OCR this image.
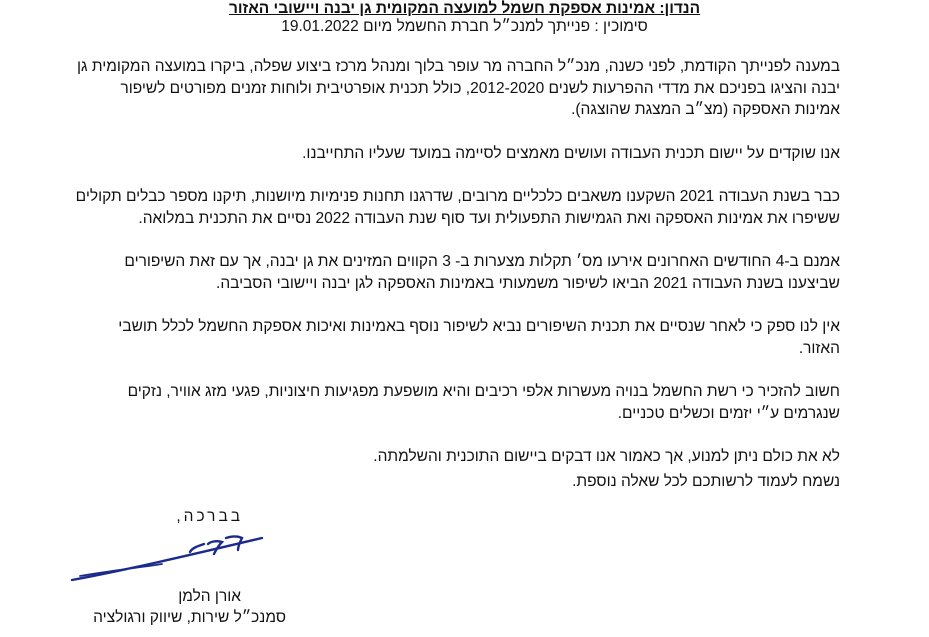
הנדון: אמינות אספקת חשמל למועצה המקומית גן יבנה ויישובי האזור
סימוכין : פנייתך למנכ״ל חברת החשמל מיום 19.01.2022

במענה לפנייתך הקודמת, לפני כשנה, מנכ״ל החברה מר עופר בלוך ומנהל מרכז ביצוע שפלה, ביקרו במועצה המקומית גן יבנה והציגו בפניכם את מדדי ההפרעות לשנים 2012-2020, כולל תכנית אופרטיבית ולוחות זמנים מפורטים לשיפור אמינות האספקה (מצ״ב המצגת שהוצגה).

אנו שוקדים על יישום תכנית העבודה ועושים מאמצים לסיימה במועד שעליו התחייבנו.

כבר בשנת העבודה 2021 השקענו משאבים כלכליים מרובים, שדרגנו תחנות פנימיות מיושנות, תיקנו מספר כבלים תקולים ששיפרו את אמינות האספקה ואת הגמישות התפעולית ועד סוף שנת העבודה 2022 נסיים את התכנית במלואה.

אמנם ב-4 החודשים האחרונים אירעו מס׳ תקלות מצערות ב- 3 הקווים המזינים את גן יבנה, אך עם זאת השיפורים שביצענו בשנת העבודה 2021 הביאו לשיפור משמעותי באמינות האספקה לגן יבנה ויישובי הסביבה.

אין לנו ספק כי לאחר שנסיים את תכנית השיפורים נביא לשיפור נוסף באמינות ואיכות אספקת החשמל לכלל תושבי האזור.

חשוב להזכיר כי רשת החשמל בנויה מעשרות אלפי רכיבים והיא מושפעת מפגיעות חיצוניות, פגעי מזג אוויר, נזקים שנגרמים ע״י יזמים וכשלים טכניים.

לא את כולם ניתן למנוע, אך כאמור אנו דבקים ביישום התוכנית והשלמתה.

נשמח לעמוד לרשותכם לכל שאלה נוספת.

בברכה,
אורן הלמן
סמנכ״ל שירות, שיווק ורגולציה
